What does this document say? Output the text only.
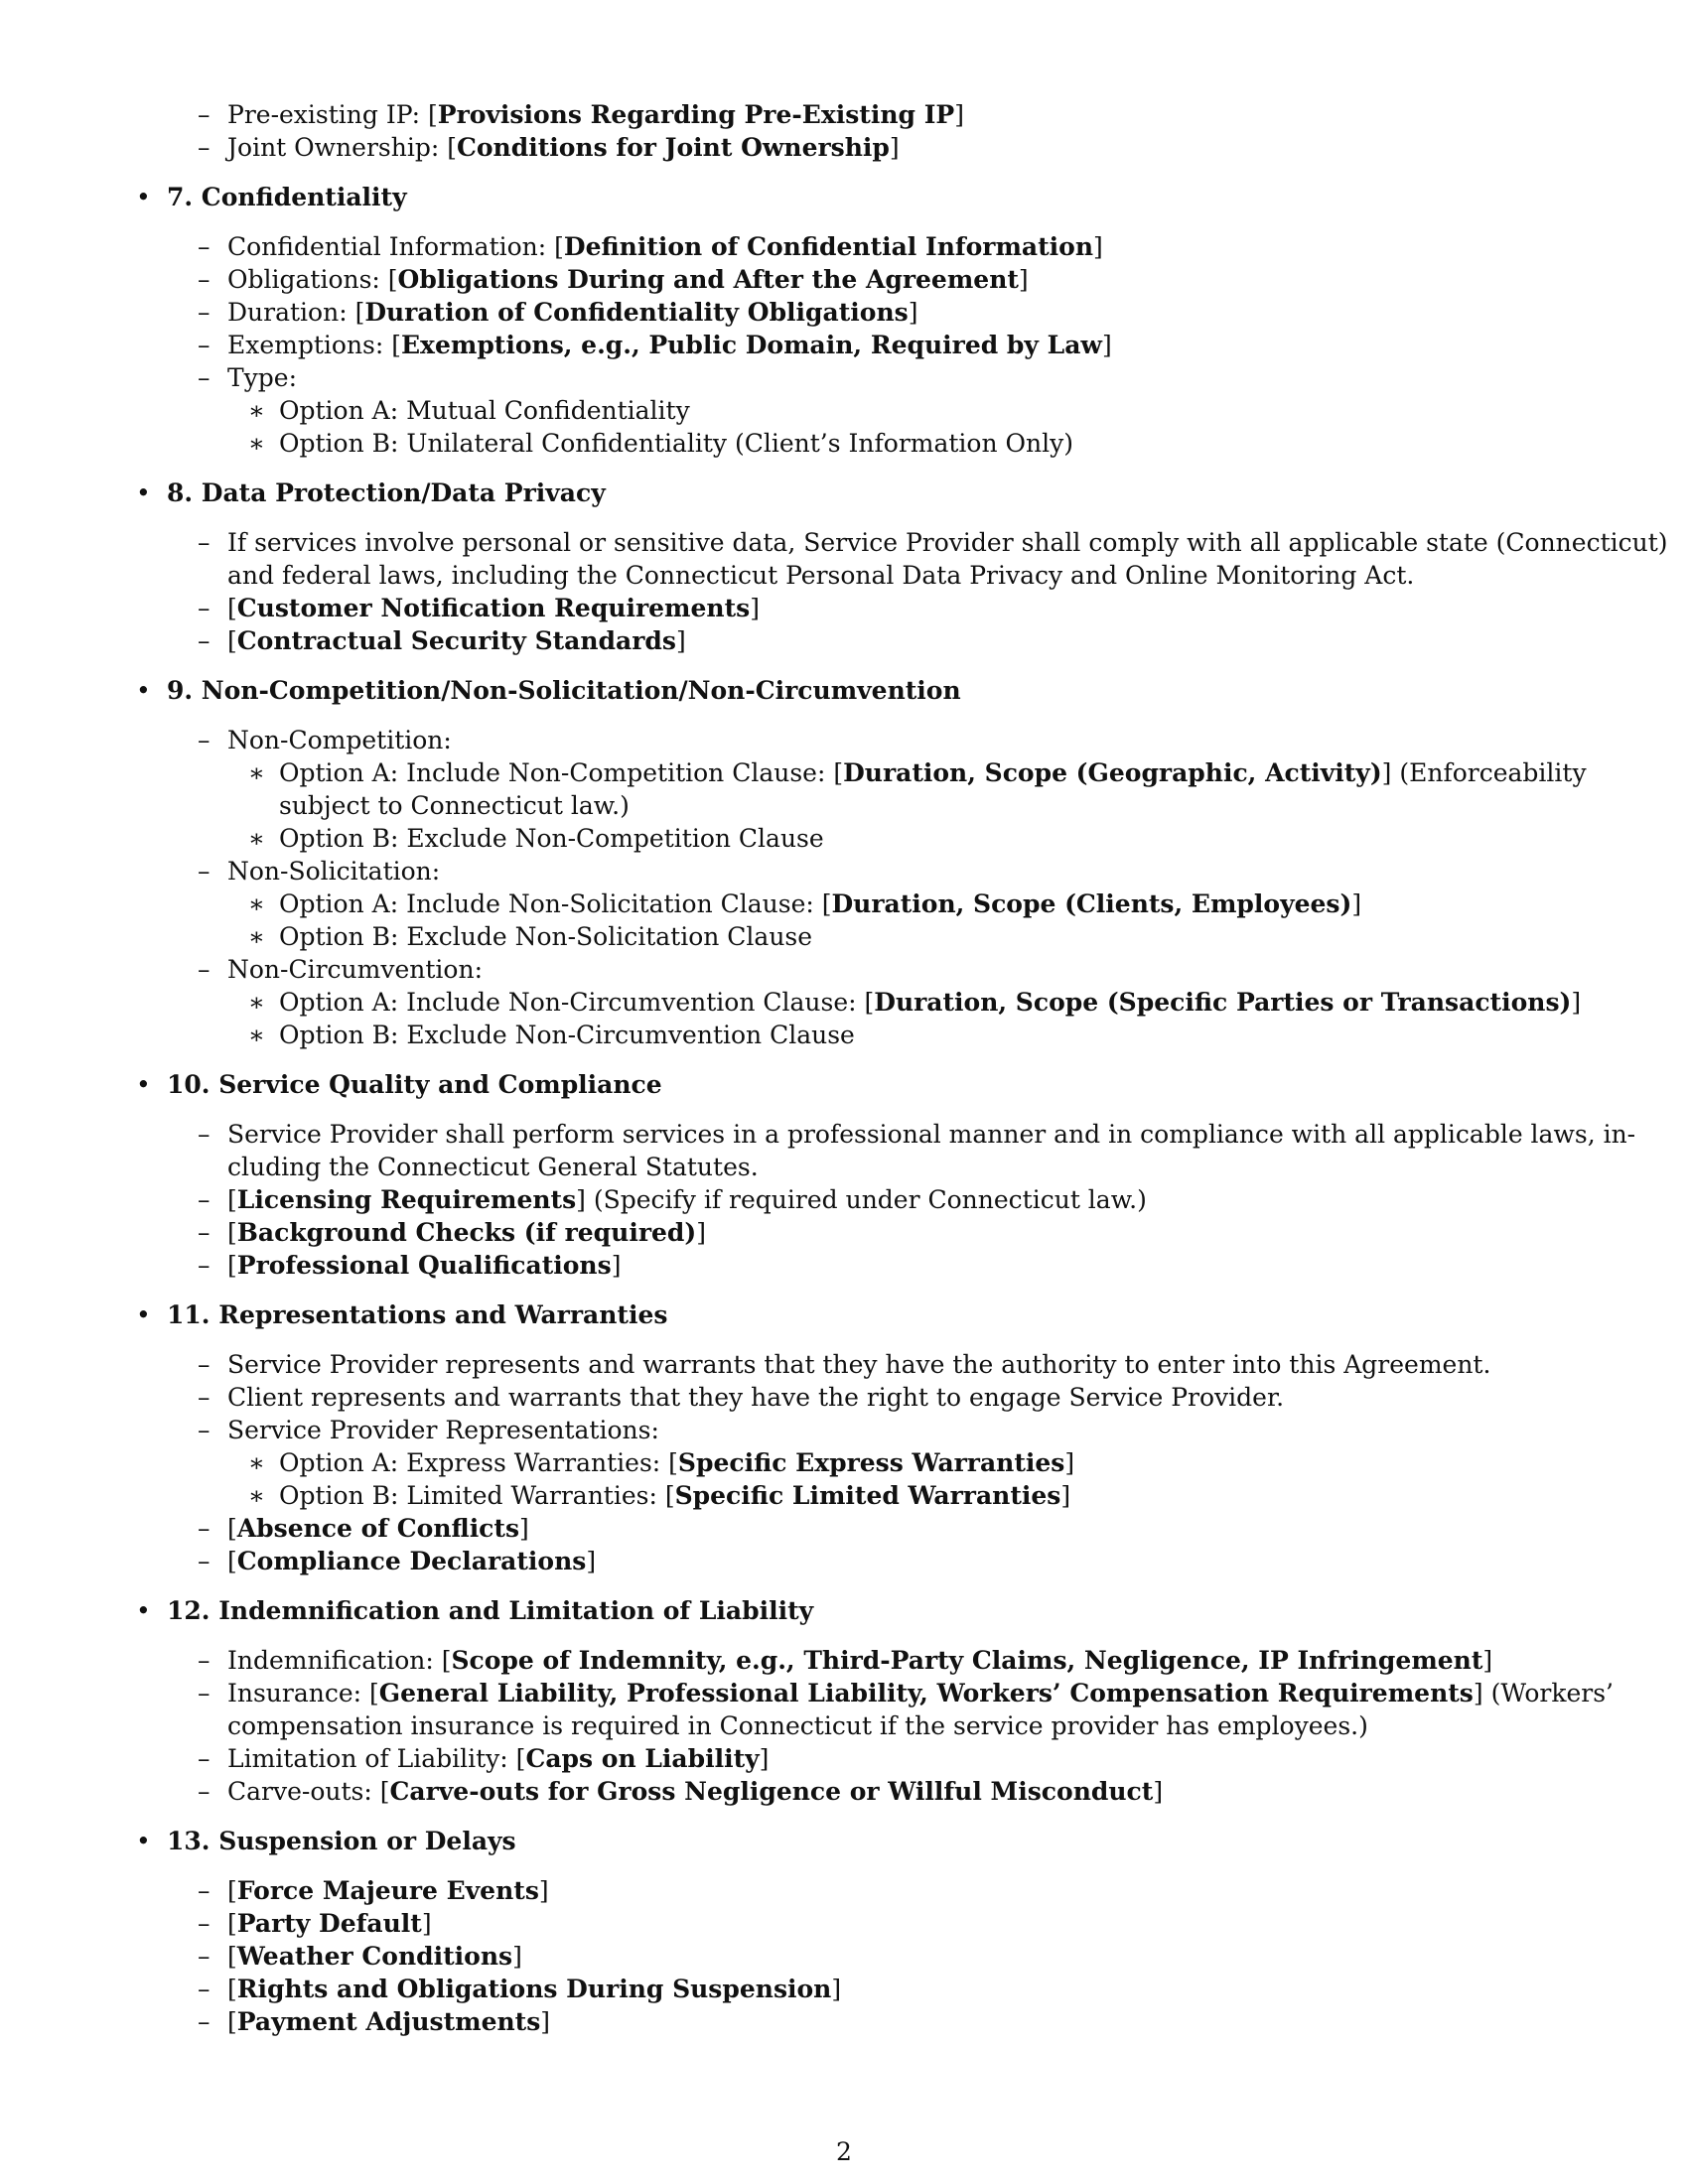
– Pre-existing IP: [Provisions Regarding Pre-Existing IP]
– Joint Ownership: [Conditions for Joint Ownership]
• 7. Confidentiality
– Confidential Information: [Definition of Confidential Information]
– Obligations: [Obligations During and After the Agreement]
– Duration: [Duration of Confidentiality Obligations]
– Exemptions: [Exemptions, e.g., Public Domain, Required by Law]
– Type:
∗ Option A: Mutual Confidentiality
∗ Option B: Unilateral Confidentiality (Client’s Information Only)
• 8. Data Protection/Data Privacy
– If services involve personal or sensitive data, Service Provider shall comply with all applicable state (Connecticut)
and federal laws, including the Connecticut Personal Data Privacy and Online Monitoring Act.
– [Customer Notification Requirements]
– [Contractual Security Standards]
• 9. Non-Competition/Non-Solicitation/Non-Circumvention
– Non-Competition:
∗ Option A: Include Non-Competition Clause: [Duration, Scope (Geographic, Activity)] (Enforceability
subject to Connecticut law.)
∗ Option B: Exclude Non-Competition Clause
– Non-Solicitation:
∗ Option A: Include Non-Solicitation Clause: [Duration, Scope (Clients, Employees)]
∗ Option B: Exclude Non-Solicitation Clause
– Non-Circumvention:
∗ Option A: Include Non-Circumvention Clause: [Duration, Scope (Specific Parties or Transactions)]
∗ Option B: Exclude Non-Circumvention Clause
• 10. Service Quality and Compliance
– Service Provider shall perform services in a professional manner and in compliance with all applicable laws, in-
cluding the Connecticut General Statutes.
– [Licensing Requirements] (Specify if required under Connecticut law.)
– [Background Checks (if required)]
– [Professional Qualifications]
• 11. Representations and Warranties
– Service Provider represents and warrants that they have the authority to enter into this Agreement.
– Client represents and warrants that they have the right to engage Service Provider.
– Service Provider Representations:
∗ Option A: Express Warranties: [Specific Express Warranties]
∗ Option B: Limited Warranties: [Specific Limited Warranties]
– [Absence of Conflicts]
– [Compliance Declarations]
• 12. Indemnification and Limitation of Liability
– Indemnification: [Scope of Indemnity, e.g., Third-Party Claims, Negligence, IP Infringement]
– Insurance: [General Liability, Professional Liability, Workers’ Compensation Requirements] (Workers’
compensation insurance is required in Connecticut if the service provider has employees.)
– Limitation of Liability: [Caps on Liability]
– Carve-outs: [Carve-outs for Gross Negligence or Willful Misconduct]
• 13. Suspension or Delays
– [Force Majeure Events]
– [Party Default]
– [Weather Conditions]
– [Rights and Obligations During Suspension]
– [Payment Adjustments]
2
